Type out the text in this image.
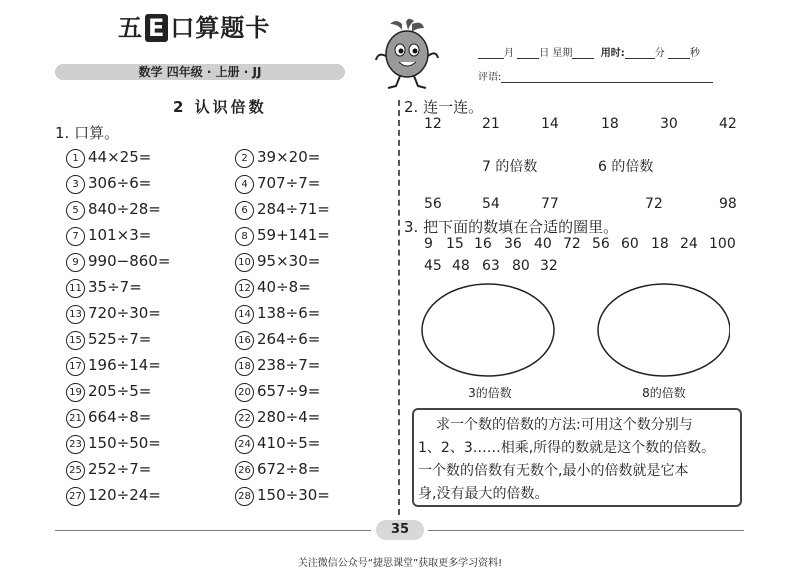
五 E 口算题卡
数学 四年级 · 上册 · JJ
月	日 星期	用时:	分	秒
评语:
2 认识倍数
1. 口算。
1 44×25=	2 39×20=
3 306÷6=	4 707÷7=
5 840÷28=	6 284÷71=
7 101×3=	8 59+141=
9 990−860=	10 95×30=
11 35÷7=	12 40÷8=
13 720÷30=	14 138÷6=
15 525÷7=	16 264÷6=
17 196÷14=	18 238÷7=
19 205÷5=	20 657÷9=
21 664÷8=	22 280÷4=
23 150÷50=	24 410÷5=
25 252÷7=	26 672÷8=
27 120÷24=	28 150÷30=
2. 连一连。
12	21	14	18	30	42
7 的倍数	6 的倍数
56	54	77	72	98
3. 把下面的数填在合适的圈里。
9 15 16 36 40 72 56 60 18 24 100
45 48 63 80 32
3的倍数	8的倍数
求一个数的倍数的方法:可用这个数分别与
1、2、3……相乘,所得的数就是这个数的倍数。
一个数的倍数有无数个,最小的倍数就是它本
身,没有最大的倍数。
35
关注微信公众号“捷思课堂”获取更多学习资料!
